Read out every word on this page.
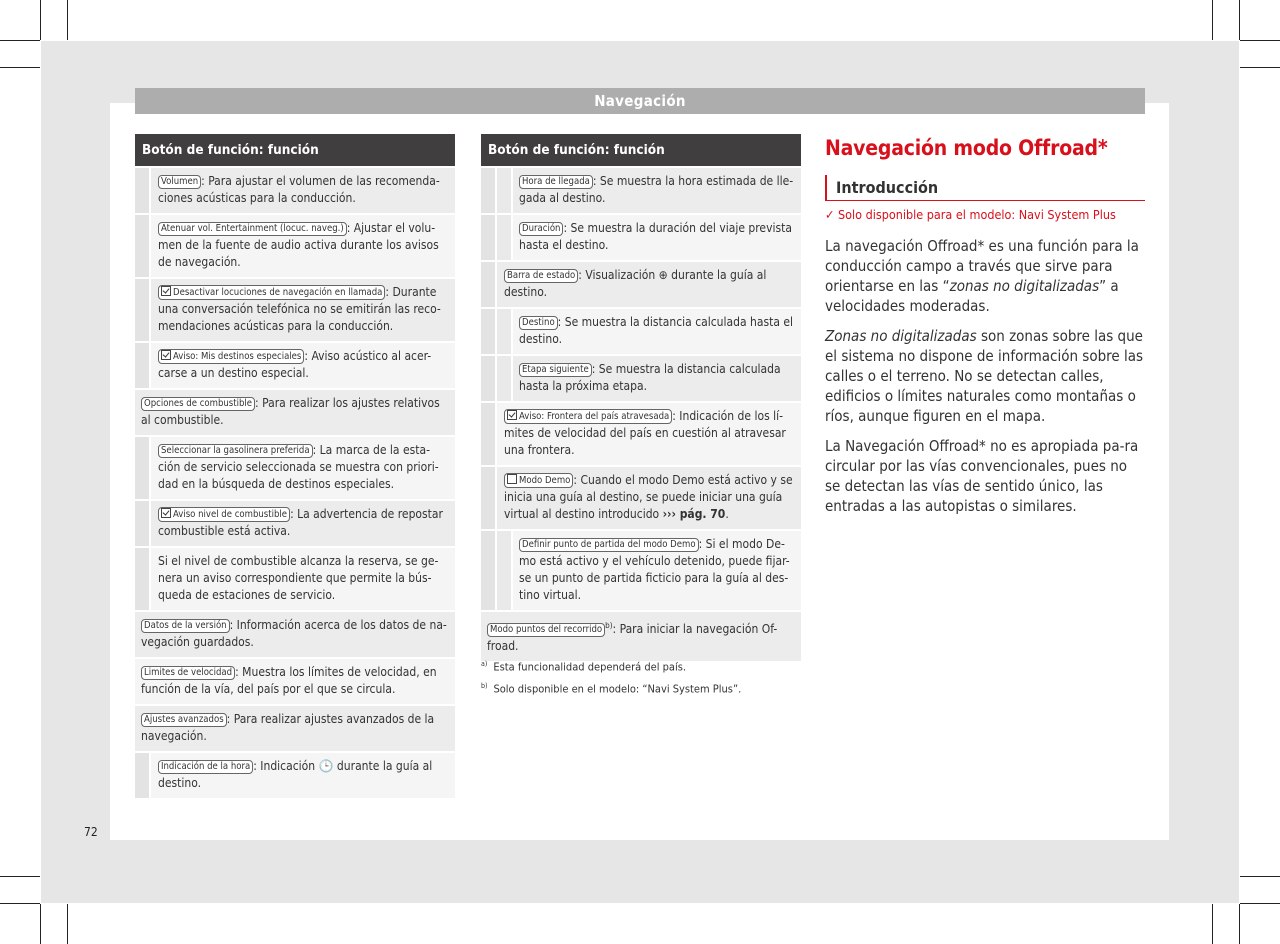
Navegación
Botón de función: función
Volumen : Para ajustar el volumen de las recomenda-ciones acústicas para la conducción.
Atenuar vol. Entertainment (locuc. naveg.) : Ajustar el volu-men de la fuente de audio activa durante los avisos de navegación.
Desactivar locuciones de navegación en llamada : Durante una conversación telefónica no se emitirán las reco-mendaciones acústicas para la conducción.
Aviso: Mis destinos especiales : Aviso acústico al acer-carse a un destino especial.
Opciones de combustible : Para realizar los ajustes relativos al combustible.
Seleccionar la gasolinera preferida : La marca de la esta-ción de servicio seleccionada se muestra con priori-dad en la búsqueda de destinos especiales.
Aviso nivel de combustible : La advertencia de repostar combustible está activa.
Si el nivel de combustible alcanza la reserva, se ge-nera un aviso correspondiente que permite la bús-queda de estaciones de servicio.
Datos de la versión : Información acerca de los datos de na-vegación guardados.
Limites de velocidad : Muestra los límites de velocidad, en función de la vía, del país por el que se circula.
Ajustes avanzados : Para realizar ajustes avanzados de la navegación.
Indicación de la hora : Indicación 🕒 durante la guía al destino.
Botón de función: función
Hora de llegada : Se muestra la hora estimada de lle-gada al destino.
Duración : Se muestra la duración del viaje prevista hasta el destino.
Barra de estado : Visualización ⊕ durante la guía al destino.
Destino : Se muestra la distancia calculada hasta el destino.
Etapa siguiente : Se muestra la distancia calculada hasta la próxima etapa.
Aviso: Frontera del país atravesada : Indicación de los lí-mites de velocidad del país en cuestión al atravesar una frontera.
Modo Demo : Cuando el modo Demo está activo y se inicia una guía al destino, se puede iniciar una guía virtual al destino introducido ››› pág. 70.
Definir punto de partida del modo Demo : Si el modo De-mo está activo y el vehículo detenido, puede fijar-se un punto de partida ficticio para la guía al des-tino virtual.
Modo puntos del recorrido $^{b)}$: Para iniciar la navegación Of-froad.
$^{a)}$ Esta funcionalidad dependerá del país.
$^{b)}$ Solo disponible en el modelo: “Navi System Plus”.
Navegación modo Offroad*
Introducción
✓ Solo disponible para el modelo: Navi System Plus

La navegación Offroad* es una función para la conducción campo a través que sirve para orientarse en las “zonas no digitalizadas” a velocidades moderadas.

Zonas no digitalizadas son zonas sobre las que el sistema no dispone de información sobre las calles o el terreno. No se detectan calles, edificios o límites naturales como montañas o ríos, aunque figuren en el mapa.

La Navegación Offroad* no es apropiada pa-ra circular por las vías convencionales, pues no se detectan las vías de sentido único, las entradas a las autopistas o similares.

72
